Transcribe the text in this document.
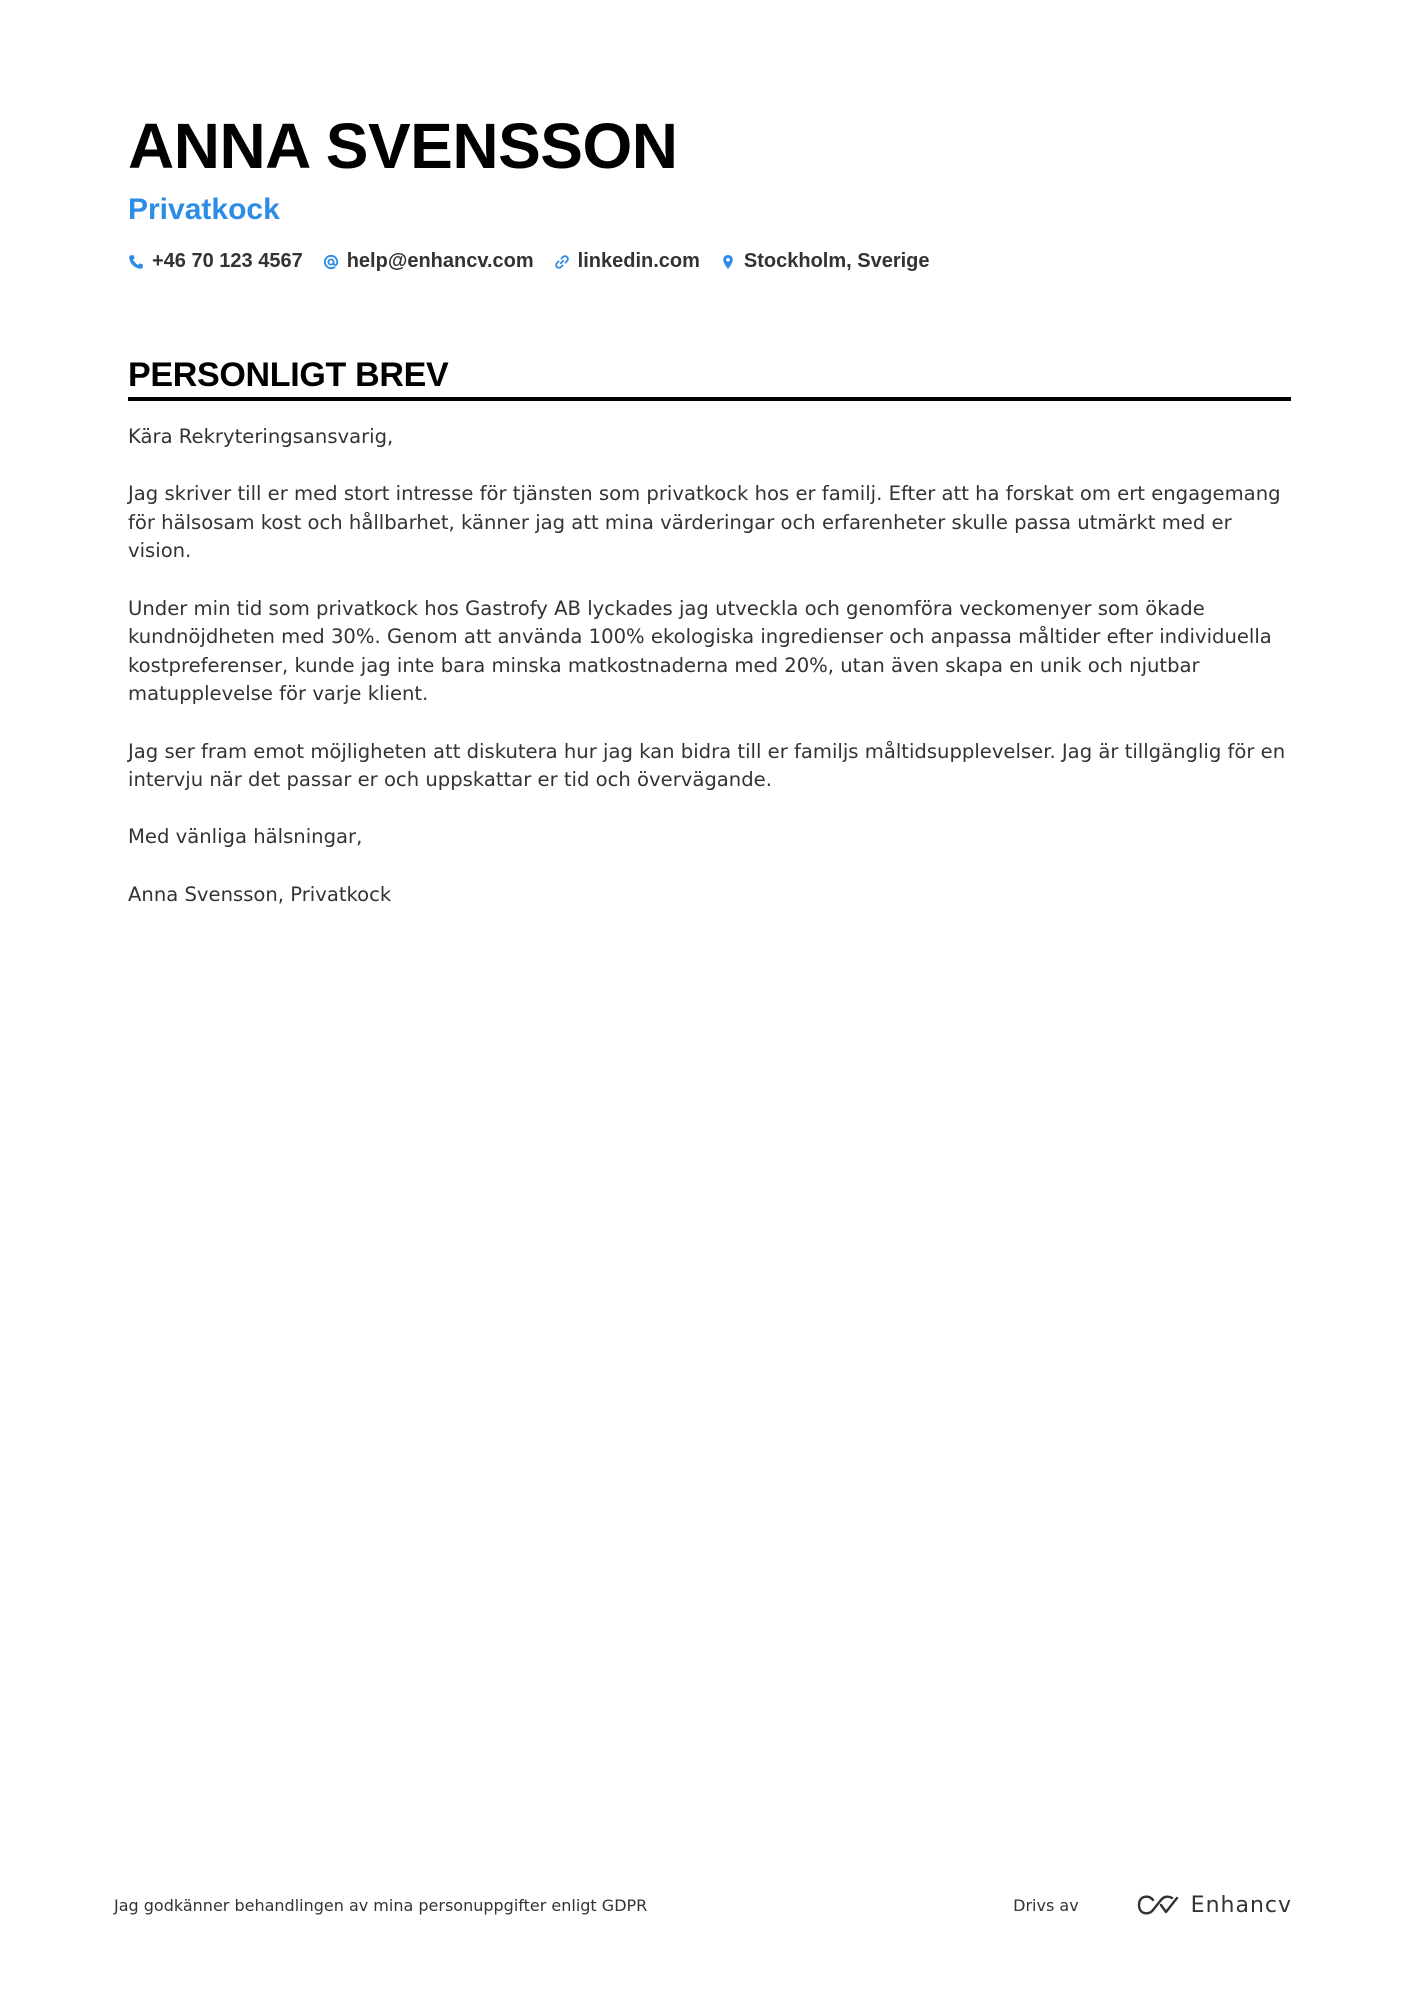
ANNA SVENSSON
Privatkock
+46 70 123 4567 help@enhancv.com linkedin.com Stockholm, Sverige
PERSONLIGT BREV

Kära Rekryteringsansvarig,

Jag skriver till er med stort intresse för tjänsten som privatkock hos er familj. Efter att ha forskat om ert engagemang för hälsosam kost och hållbarhet, känner jag att mina värderingar och erfarenheter skulle passa utmärkt med er vision.

Under min tid som privatkock hos Gastrofy AB lyckades jag utveckla och genomföra veckomenyer som ökade kundnöjdheten med 30%. Genom att använda 100% ekologiska ingredienser och anpassa måltider efter individuella kostpreferenser, kunde jag inte bara minska matkostnaderna med 20%, utan även skapa en unik och njutbar matupplevelse för varje klient.

Jag ser fram emot möjligheten att diskutera hur jag kan bidra till er familjs måltidsupplevelser. Jag är tillgänglig för en intervju när det passar er och uppskattar er tid och övervägande.

Med vänliga hälsningar,

Anna Svensson, Privatkock

Jag godkänner behandlingen av mina personuppgifter enligt GDPR	Drivs av	Enhancv
